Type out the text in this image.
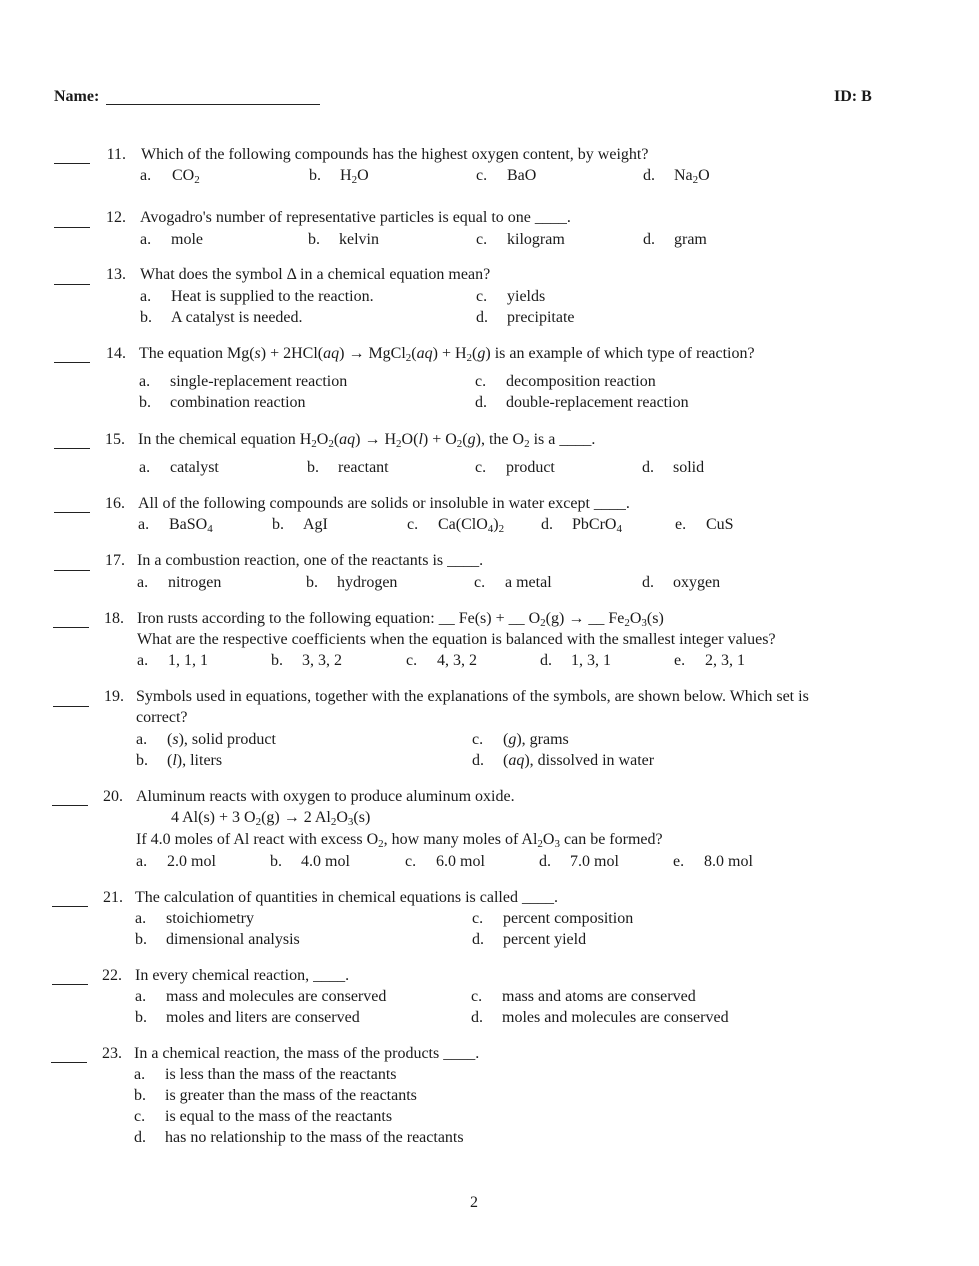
Name:	ID: B
11. Which of the following compounds has the highest oxygen content, by weight?
a. $CO_2$	b. $H_2O$	c. BaO	d. $Na_2O$
12. Avogadro's number of representative particles is equal to one ____.
a. mole	b. kelvin	c. kilogram	d. gram
13. What does the symbol Δ in a chemical equation mean?
a. Heat is supplied to the reaction.
b. A catalyst is needed.
c. yields
d. precipitate
14. The equation Mg(s) + 2HCl(aq) → MgCl$_2$(aq) + $H_2(g)$ is an example of which type of reaction?
a. single-replacement reaction
b. combination reaction
c. decomposition reaction
d. double-replacement reaction
15. In the chemical equation $H_2O_2(aq) \to H_2O(l) + O_2(g)$, the $O_2$ is a ____.
a. catalyst	b. reactant	c. product	d. solid
16. All of the following compounds are solids or insoluble in water except ____.
a. BaSO$_4$	b. AgI	c. $Ca(ClO_4)_2$ d. PbCrO$_4$	e. CuS
17. In a combustion reaction, one of the reactants is ____.
a. nitrogen	b. hydrogen	c. a metal	d. oxygen
18. Iron rusts according to the following equation: __ Fe(s) + __ $O_2(g)$ → __ $Fe_2O_3(s)$
What are the respective coefficients when the equation is balanced with the smallest integer values?
a. 1, 1, 1	b. 3, 3, 2	c. 4, 3, 2	d. 1, 3, 1	e. 2, 3, 1
19. Symbols used in equations, together with the explanations of the symbols, are shown below. Which set is
correct?
a. (s), solid product
b. (l), liters
c. (g), grams
d. (aq), dissolved in water
20. Aluminum reacts with oxygen to produce aluminum oxide.
4 Al(s) + 3 $O_2(g) \to 2$ $Al_2O_3(s)$
If 4.0 moles of Al react with excess $O_2$, how many moles of $Al_2O_3$ can be formed?
a. 2.0 mol	b. 4.0 mol	c. 6.0 mol	d. 7.0 mol	e. 8.0 mol
21. The calculation of quantities in chemical equations is called ____.
a. stoichiometry
b. dimensional analysis
c. percent composition
d. percent yield
22. In every chemical reaction, ____.
a. mass and molecules are conserved
b. moles and liters are conserved
c. mass and atoms are conserved
d. moles and molecules are conserved
23. In a chemical reaction, the mass of the products ____.
a. is less than the mass of the reactants
b. is greater than the mass of the reactants
c. is equal to the mass of the reactants
d. has no relationship to the mass of the reactants
2
